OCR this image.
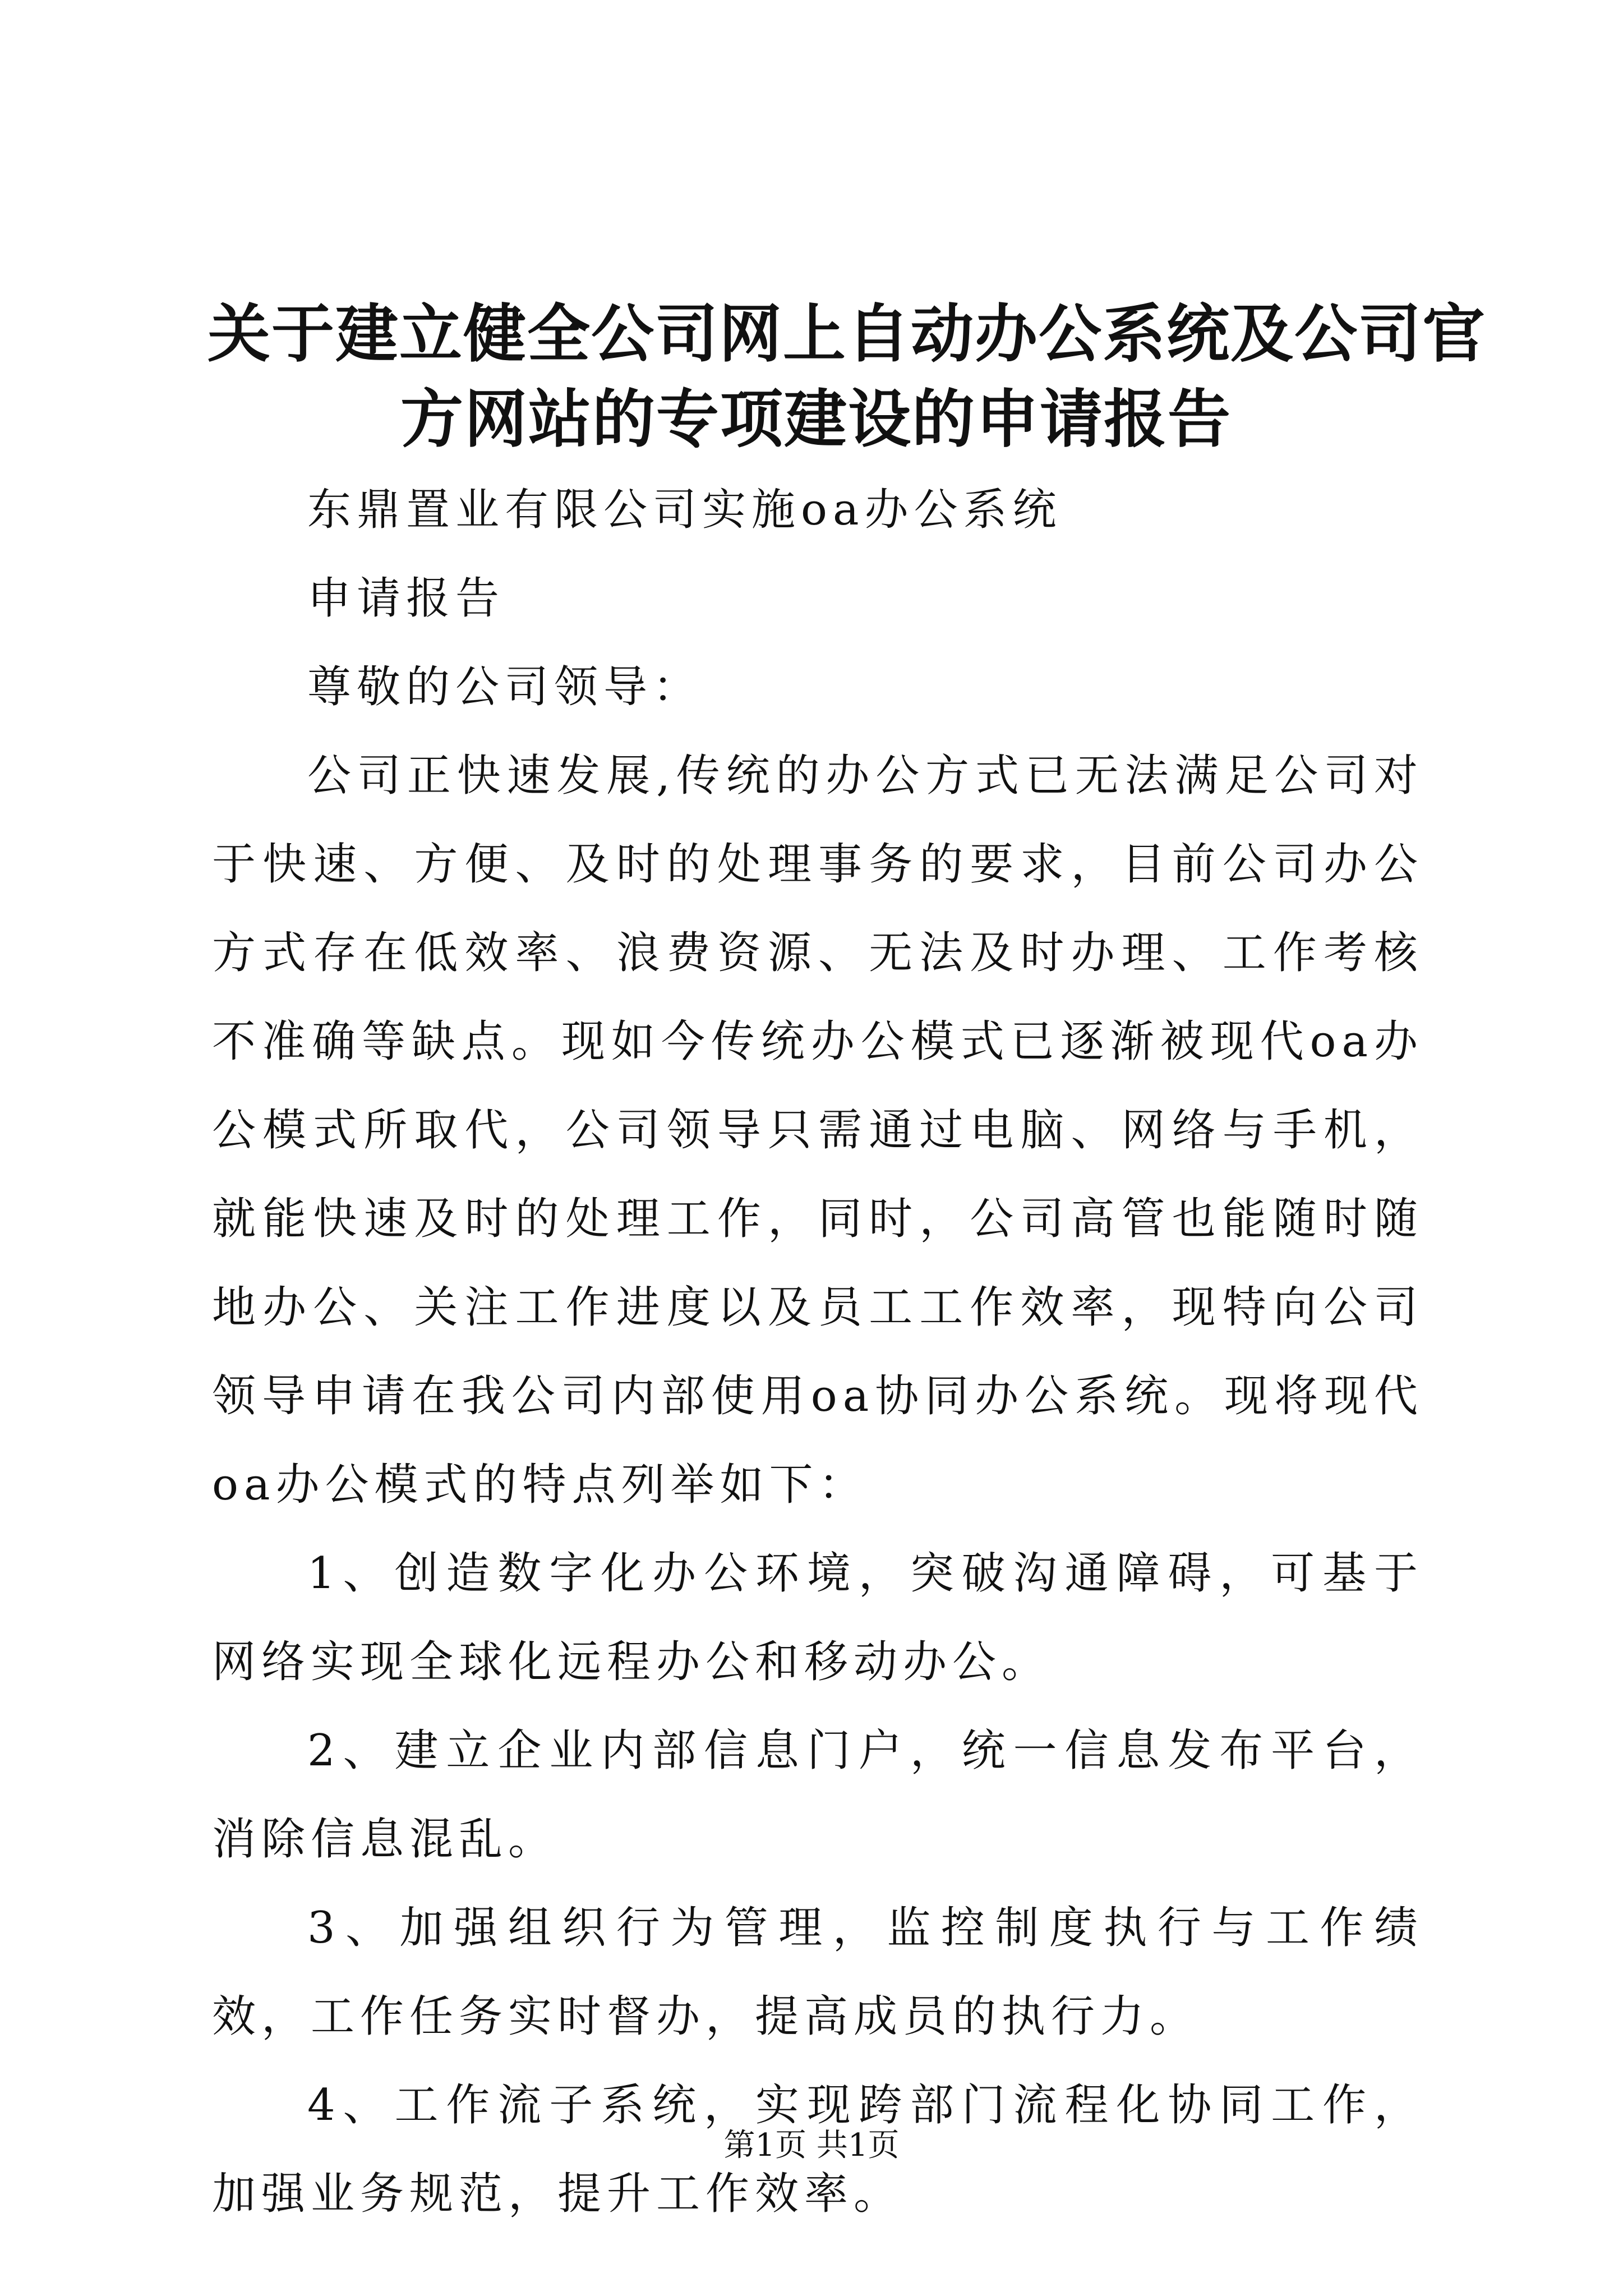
关于建立健全公司网上自动办公系统及公司官
方网站的专项建设的申请报告

东鼎置业有限公司实施oa办公系统

申请报告

尊敬的公司领导：

公司正快速发展,传统的办公方式已无法满足公司对于快速、方便、及时的处理事务的要求，目前公司办公方式存在低效率、浪费资源、无法及时办理、工作考核不准确等缺点。现如今传统办公模式已逐渐被现代oa办公模式所取代，公司领导只需通过电脑、网络与手机，就能快速及时的处理工作，同时，公司高管也能随时随地办公、关注工作进度以及员工工作效率，现特向公司领导申请在我公司内部使用oa协同办公系统。现将现代oa办公模式的特点列举如下：

1、创造数字化办公环境，突破沟通障碍，可基于网络实现全球化远程办公和移动办公。

2、建立企业内部信息门户，统一信息发布平台，消除信息混乱。

3、加强组织行为管理，监控制度执行与工作绩效，工作任务实时督办，提高成员的执行力。

4、工作流子系统，实现跨部门流程化协同工作，加强业务规范，提升工作效率。

第1页 共1页
